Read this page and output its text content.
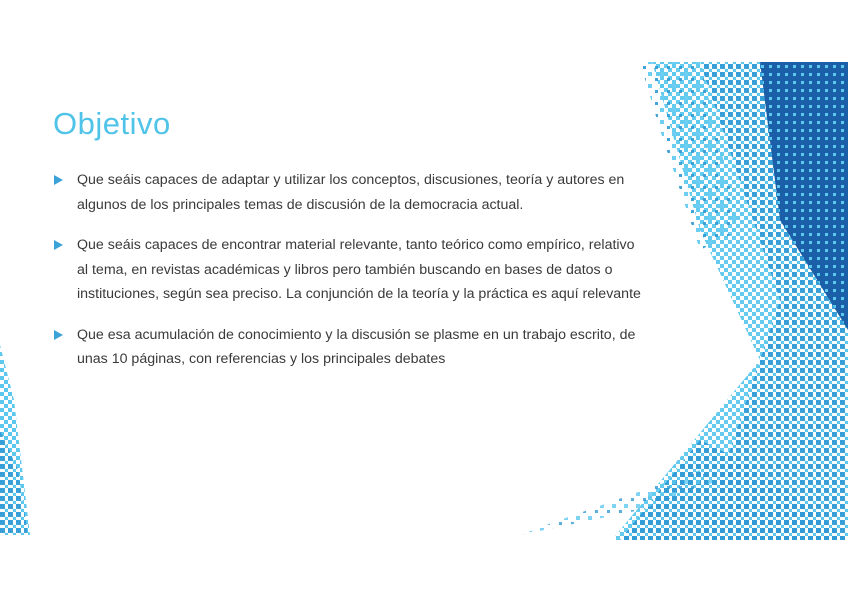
Objetivo
Que seáis capaces de adaptar y utilizar los conceptos, discusiones, teoría y autores en algunos de los principales temas de discusión de la democracia actual.
Que seáis capaces de encontrar material relevante, tanto teórico como empírico, relativo al tema, en revistas académicas y libros pero también buscando en bases de datos o instituciones, según sea preciso. La conjunción de la teoría y la práctica es aquí relevante
Que esa acumulación de conocimiento y la discusión se plasme en un trabajo escrito, de unas 10 páginas, con referencias y los principales debates
